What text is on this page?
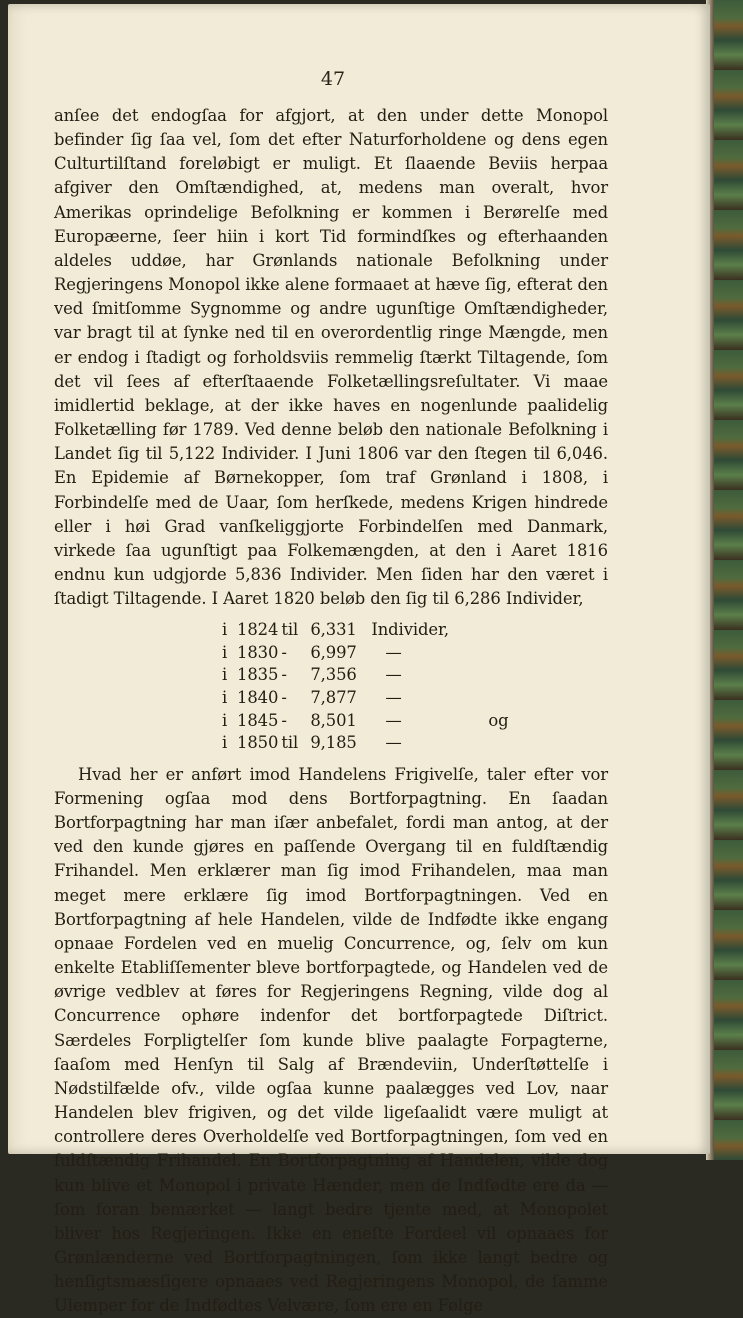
47

anſee det endogſaa for afgjort, at den under dette Monopol befinder ſig ſaa vel, ſom det efter Naturforholdene og dens egen Culturtilſtand foreløbigt er muligt. Et ſlaaende Beviis herpaa afgiver den Omſtændighed, at, medens man overalt, hvor Amerikas oprindelige Befolkning er kommen i Berørelſe med Europæerne, ſeer hiin i kort Tid formindſkes og efterhaanden aldeles uddøe, har Grønlands nationale Befolkning under Regjeringens Monopol ikke alene formaaet at hæve ſig, efterat den ved ſmitſomme Sygnomme og andre ugunſtige Omſtændigheder, var bragt til at ſynke ned til en overordentlig ringe Mængde, men er endog i ſtadigt og forholdsviis remmelig ſtærkt Tiltagende, ſom det vil ſees af efterſtaaende Folketællingsreſultater. Vi maae imidlertid beklage, at der ikke haves en nogenlunde paalidelig Folketælling før 1789. Ved denne beløb den nationale Befolkning i Landet ſig til 5,122 Individer. I Juni 1806 var den ſtegen til 6,046. En Epidemie af Børnekopper, ſom traf Grønland i 1808, i Forbindelſe med de Uaar, ſom herſkede, medens Krigen hindrede eller i høi Grad vanſkeliggjorte Forbindelſen med Danmark, virkede ſaa ugunſtigt paa Folkemængden, at den i Aaret 1816 endnu kun udgjorde 5,836 Individer. Men ſiden har den været i ſtadigt Tiltagende. I Aaret 1820 beløb den ſig til 6,286 Individer,

i	1824	til	6,331	Individer,	
i	1830	-	6,997	—	
i	1835	-	7,356	—	
i	1840	-	7,877	—	
i	1845	-	8,501	—	og
i	1850	til	9,185	—	

Hvad her er anført imod Handelens Frigivelſe, taler efter vor Formening ogſaa mod dens Bortforpagtning. En ſaadan Bortforpagtning har man iſær anbefalet, fordi man antog, at der ved den kunde gjøres en paſſende Overgang til en fuldſtændig Frihandel. Men erklærer man ſig imod Frihandelen, maa man meget mere erklære ſig imod Bortforpagtningen. Ved en Bortforpagtning af hele Handelen, vilde de Indfødte ikke engang opnaae Fordelen ved en muelig Concurrence, og, ſelv om kun enkelte Etabliſſementer bleve bortforpagtede, og Handelen ved de øvrige vedblev at føres for Regjeringens Regning, vilde dog al Concurrence ophøre indenfor det bortforpagtede Diſtrict. Særdeles Forpligtelſer ſom kunde blive paalagte Forpagterne, ſaaſom med Henſyn til Salg af Brændeviin, Underſtøttelſe i Nødstilfælde ofv., vilde ogſaa kunne paalægges ved Lov, naar Handelen blev frigiven, og det vilde ligeſaalidt være muligt at controllere deres Overholdelſe ved Bortforpagtningen, ſom ved en fuldſtændig Frihandel. En Bortforpagtning af Handelen, vilde dog kun blive et Monopol i private Hænder, men de Indfødte ere da — ſom foran bemærket — langt bedre tjente med, at Monopolet bliver hos Regjeringen. Ikke en eneſte Fordeel vil opnaaes for Grønlænderne ved Bortforpagtningen, ſom ikke langt bedre og henſigtsmæsſigere opnaaes ved Regjeringens Monopol, de ſamme Ulemper for de Indfødtes Velvære, ſom ere en Følge
